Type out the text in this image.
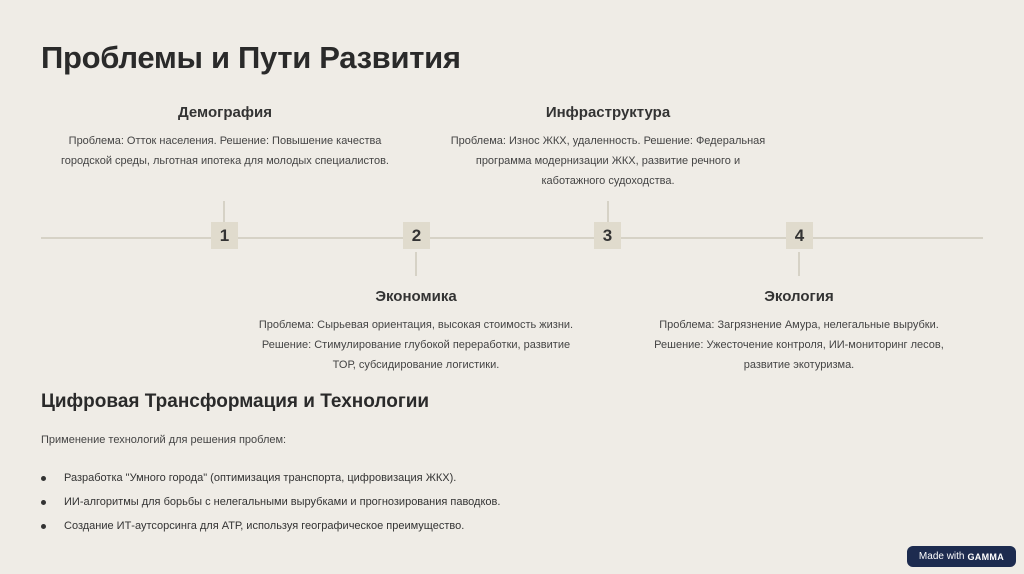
Проблемы и Пути Развития
1	2	3	4
Демография

Проблема: Отток населения. Решение: Повышение качества городской среды, льготная ипотека для молодых специалистов.

Инфраструктура

Проблема: Износ ЖКХ, удаленность. Решение: Федеральная программа модернизации ЖКХ, развитие речного и каботажного судоходства.

Экономика

Проблема: Сырьевая ориентация, высокая стоимость жизни. Решение: Стимулирование глубокой переработки, развитие ТОР, субсидирование логистики.

Экология

Проблема: Загрязнение Амура, нелегальные вырубки. Решение: Ужесточение контроля, ИИ-мониторинг лесов, развитие экотуризма.

Цифровая Трансформация и Технологии

Применение технологий для решения проблем:

Разработка "Умного города" (оптимизация транспорта, цифровизация ЖКХ).
ИИ-алгоритмы для борьбы с нелегальными вырубками и прогнозирования паводков.
Создание ИТ-аутсорсинга для АТР, используя географическое преимущество.
Made with GAMMA
